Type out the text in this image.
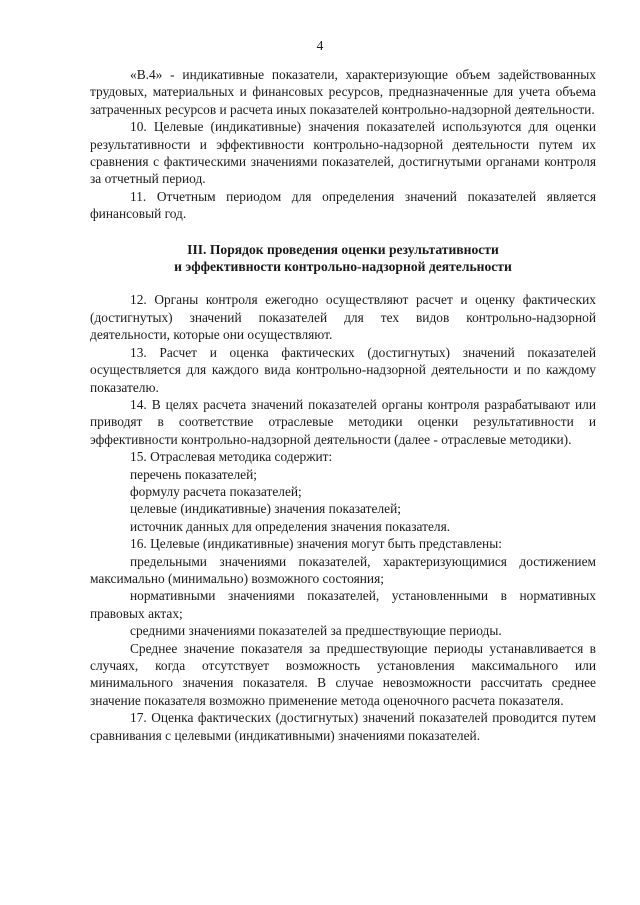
4

«В.4» - индикативные показатели, характеризующие объем задействованных трудовых, материальных и финансовых ресурсов, предназначенные для учета объема затраченных ресурсов и расчета иных показателей контрольно-надзорной деятельности.

10. Целевые (индикативные) значения показателей используются для оценки результативности и эффективности контрольно-надзорной деятельности путем их сравнения с фактическими значениями показателей, достигнутыми органами контроля за отчетный период.

11. Отчетным периодом для определения значений показателей является финансовый год.

III. Порядок проведения оценки результативности
и эффективности контрольно-надзорной деятельности

12. Органы контроля ежегодно осуществляют расчет и оценку фактических (достигнутых) значений показателей для тех видов контрольно-надзорной деятельности, которые они осуществляют.

13. Расчет и оценка фактических (достигнутых) значений показателей осуществляется для каждого вида контрольно-надзорной деятельности и по каждому показателю.

14. В целях расчета значений показателей органы контроля разрабатывают или приводят в соответствие отраслевые методики оценки результативности и эффективности контрольно-надзорной деятельности (далее - отраслевые методики).

15. Отраслевая методика содержит:

перечень показателей;

формулу расчета показателей;

целевые (индикативные) значения показателей;

источник данных для определения значения показателя.

16. Целевые (индикативные) значения могут быть представлены:

предельными значениями показателей, характеризующимися достижением максимально (минимально) возможного состояния;

нормативными значениями показателей, установленными в нормативных правовых актах;

средними значениями показателей за предшествующие периоды.

Среднее значение показателя за предшествующие периоды устанавливается в случаях, когда отсутствует возможность установления максимального или минимального значения показателя. В случае невозможности рассчитать среднее значение показателя возможно применение метода оценочного расчета показателя.

17. Оценка фактических (достигнутых) значений показателей проводится путем сравнивания с целевыми (индикативными) значениями показателей.
